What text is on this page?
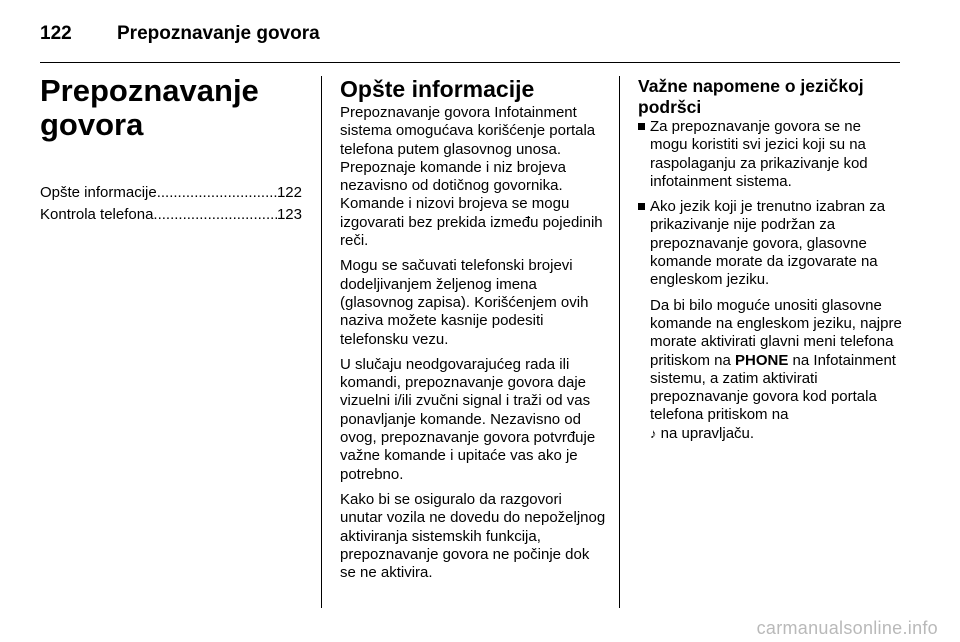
122	Prepoznavanje govora
Prepoznavanje
govora
Opšte informacije .....	122
Kontrola telefona .....	123
Opšte informacije

Prepoznavanje govora Infotainment sistema omogućava korišćenje portala telefona putem glasovnog unosa. Prepoznaje komande i niz brojeva nezavisno od dotičnog govornika. Komande i nizovi brojeva se mogu izgovarati bez prekida između pojedinih reči.

Mogu se sačuvati telefonski brojevi dodeljivanjem željenog imena (glasovnog zapisa). Korišćenjem ovih naziva možete kasnije podesiti telefonsku vezu.

U slučaju neodgovarajućeg rada ili komandi, prepoznavanje govora daje vizuelni i/ili zvučni signal i traži od vas ponavljanje komande. Nezavisno od ovog, prepoznavanje govora potvrđuje važne komande i upitaće vas ako je potrebno.

Kako bi se osiguralo da razgovori unutar vozila ne dovedu do nepoželjnog aktiviranja sistemskih funkcija, prepoznavanje govora ne počinje dok se ne aktivira.

Važne napomene o jezičkoj podršci
Za prepoznavanje govora se ne mogu koristiti svi jezici koji su na raspolaganju za prikazivanje kod infotainment sistema.
Ako jezik koji je trenutno izabran za prikazivanje nije podržan za prepoznavanje govora, glasovne komande morate da izgovarate na engleskom jeziku.

Da bi bilo moguće unositi glasovne komande na engleskom jeziku, najpre morate aktivirati glavni meni telefona pritiskom na PHONE na Infotainment sistemu, a zatim aktivirati prepoznavanje govora kod portala telefona pritiskom na
♪ na upravljaču.

carmanualsonline.info
